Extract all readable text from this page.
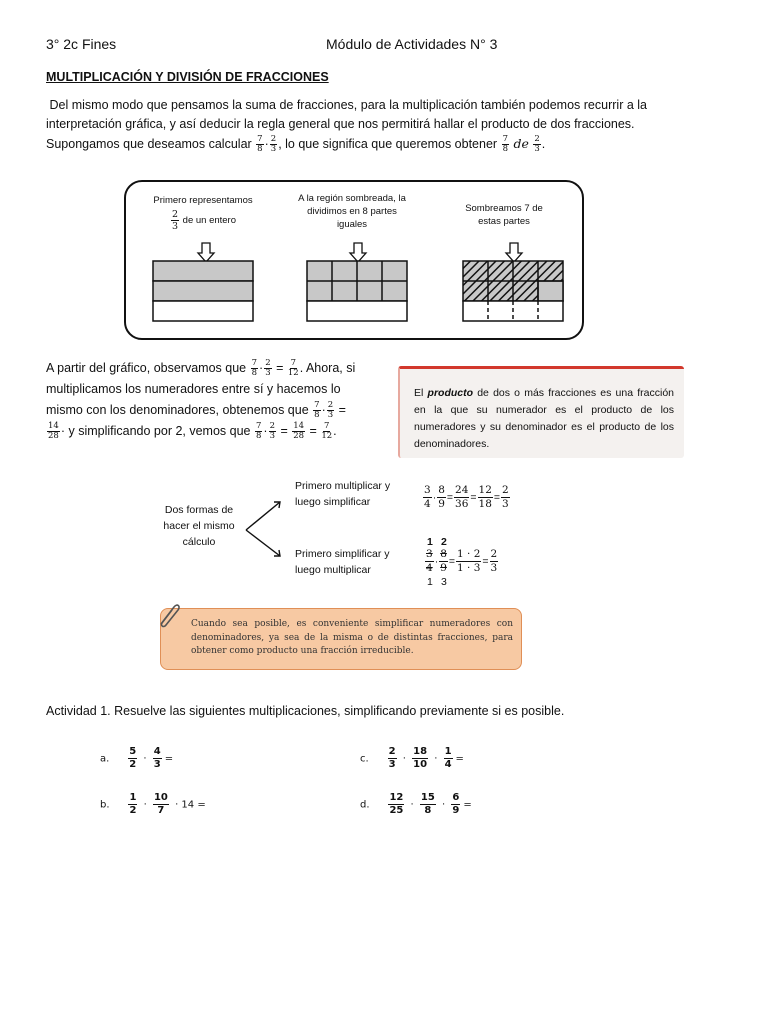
3° 2c Fines	Módulo de Actividades N° 3
MULTIPLICACIÓN Y DIVISIÓN DE FRACCIONES
Del mismo modo que pensamos la suma de fracciones, para la multiplicación también podemos recurrir a la
interpretación gráfica, y así deducir la regla general que nos permitirá hallar el producto de dos fracciones.
Supongamos que deseamos calcular $\frac{7}{8} \cdot \frac{2}{3}$ , lo que significa que queremos obtener $\frac{7}{8}$ de $\frac{2}{3}$ .
Primero representamos
$\frac{2}{3}$ de un entero
A la región sombreada, la dividimos en 8 partes iguales
Sombreamos 7 de estas partes
A partir del gráfico, observamos que $\frac{7}{8} \cdot \frac{2}{3} = \frac{7}{12}$ . Ahora, si
multiplicamos los numeradores entre sí y hacemos lo
mismo con los denominadores, obtenemos que $\frac{7}{8} \cdot \frac{2}{3}$ =
$\frac{14}{28} \cdot y$ simplificando por 2, vemos que $\frac{7}{8} \cdot \frac{2}{3} = \frac{14}{28} = \frac{7}{12}$ .
El producto de dos o más fracciones es una fracción en la que su numerador es el producto de los numeradores y su denominador es el producto de los denominadores.
Dos formas de hacer el mismo cálculo
Primero multiplicar y luego simplificar
Primero simplificar y luego multiplicar
$\frac{3}{4} \cdot \frac{8}{9} = \frac{24}{36} = \frac{12}{18} = \frac{2}{3}$
1 2
$\frac{3}{4} \cdot \frac{8}{9} = \frac{1 \cdot 2}{1 \cdot 3} = \frac{2}{3}$
1 3
Cuando sea posible, es conveniente simplificar numeradores con denominadores, ya sea de la misma o de distintas fracciones, para obtener como producto una fracción irreducible.
Actividad 1. Resuelve las siguientes multiplicaciones, simplificando previamente si es posible.
a. $\frac{5}{2} \cdot \frac{4}{3}$ =
b. $\frac{1}{2} \cdot \frac{10}{7} \cdot 14$ =
c. $\frac{2}{3} \cdot \frac{18}{10} \cdot \frac{1}{4}$ =
d. $\frac{12}{25} \cdot \frac{15}{8} \cdot \frac{6}{9}$ =
